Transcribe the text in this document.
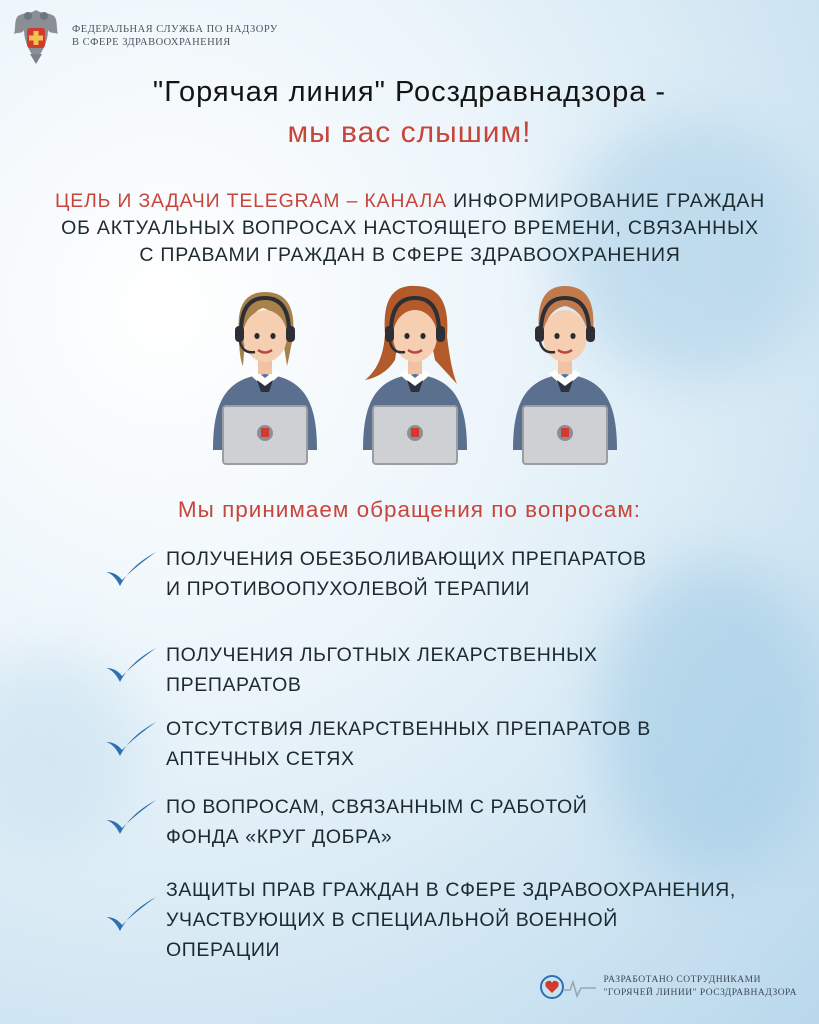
ФЕДЕРАЛЬНАЯ СЛУЖБА ПО НАДЗОРУ
В СФЕРЕ ЗДРАВООХРАНЕНИЯ
"Горячая линия" Росздравнадзора -
мы вас слышим!
ЦЕЛЬ И ЗАДАЧИ TELEGRAM – КАНАЛА ИНФОРМИРОВАНИЕ ГРАЖДАН
ОБ АКТУАЛЬНЫХ ВОПРОСАХ НАСТОЯЩЕГО ВРЕМЕНИ, СВЯЗАННЫХ
С ПРАВАМИ ГРАЖДАН В СФЕРЕ ЗДРАВООХРАНЕНИЯ
Мы принимаем обращения по вопросам:
ПОЛУЧЕНИЯ ОБЕЗБОЛИВАЮЩИХ ПРЕПАРАТОВ
И ПРОТИВООПУХОЛЕВОЙ ТЕРАПИИ
ПОЛУЧЕНИЯ ЛЬГОТНЫХ ЛЕКАРСТВЕННЫХ
ПРЕПАРАТОВ
ОТСУТСТВИЯ ЛЕКАРСТВЕННЫХ ПРЕПАРАТОВ В
АПТЕЧНЫХ СЕТЯХ
ПО ВОПРОСАМ, СВЯЗАННЫМ С РАБОТОЙ
ФОНДА «КРУГ ДОБРА»
ЗАЩИТЫ ПРАВ ГРАЖДАН В СФЕРЕ ЗДРАВООХРАНЕНИЯ,
УЧАСТВУЮЩИХ В СПЕЦИАЛЬНОЙ ВОЕННОЙ
ОПЕРАЦИИ
РАЗРАБОТАНО СОТРУДНИКАМИ
"ГОРЯЧЕЙ ЛИНИИ" РОСЗДРАВНАДЗОРА
